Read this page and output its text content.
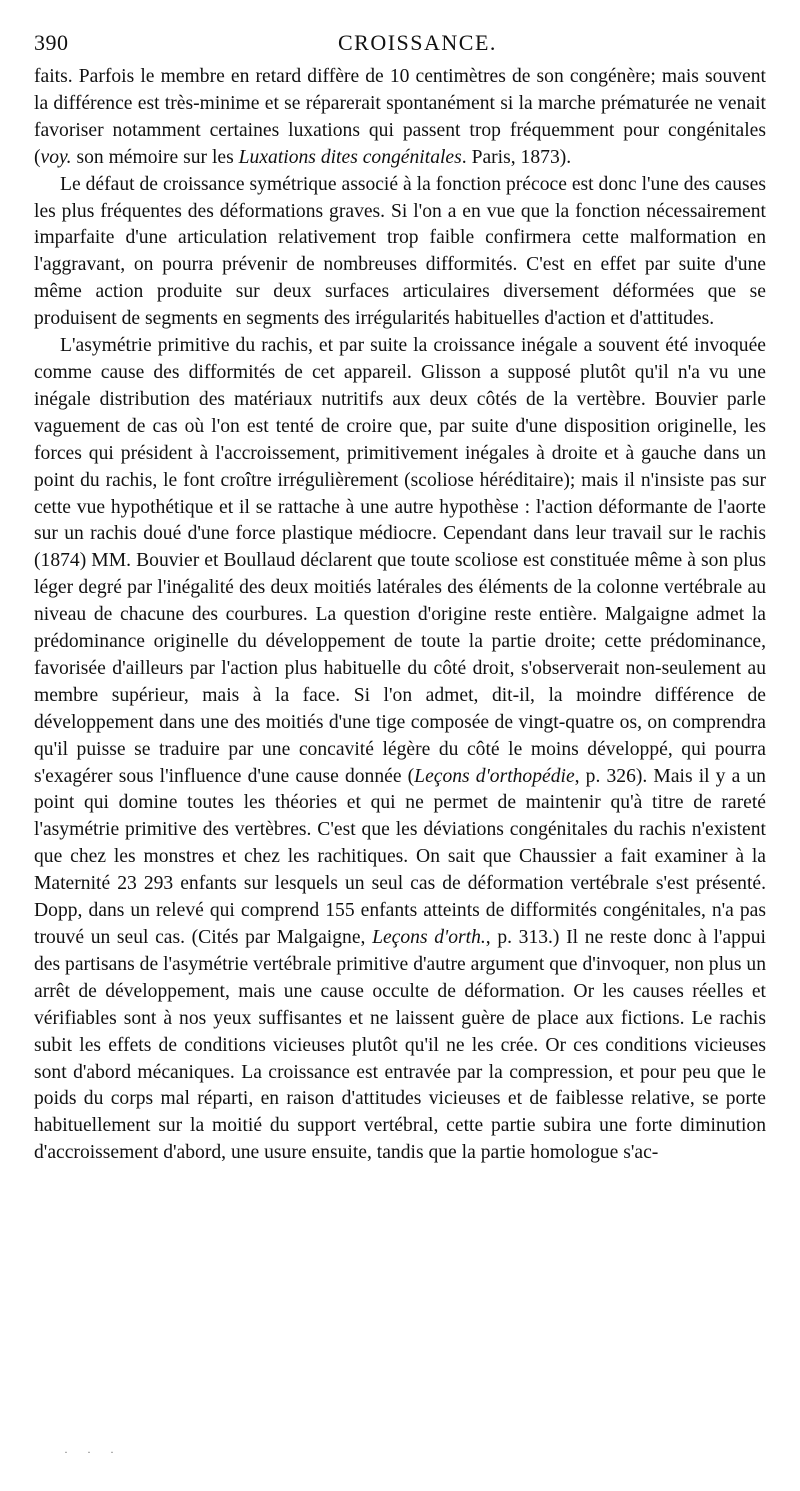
390	CROISSANCE.

faits. Parfois le membre en retard diffère de 10 centimètres de son congénère; mais souvent la différence est très-minime et se réparerait spontanément si la marche prématurée ne venait favoriser notamment certaines luxations qui passent trop fréquemment pour congénitales (voy. son mémoire sur les Luxations dites congénitales. Paris, 1873).

Le défaut de croissance symétrique associé à la fonction précoce est donc l'une des causes les plus fréquentes des déformations graves. Si l'on a en vue que la fonction nécessairement imparfaite d'une articulation relativement trop faible confirmera cette malformation en l'aggravant, on pourra prévenir de nombreuses difformités. C'est en effet par suite d'une même action produite sur deux surfaces articulaires diversement déformées que se produisent de segments en segments des irrégularités habituelles d'action et d'attitudes.

L'asymétrie primitive du rachis, et par suite la croissance inégale a souvent été invoquée comme cause des difformités de cet appareil. Glisson a supposé plutôt qu'il n'a vu une inégale distribution des matériaux nutritifs aux deux côtés de la vertèbre. Bouvier parle vaguement de cas où l'on est tenté de croire que, par suite d'une disposition originelle, les forces qui président à l'accroissement, primitivement inégales à droite et à gauche dans un point du rachis, le font croître irrégulièrement (scoliose héréditaire); mais il n'insiste pas sur cette vue hypothétique et il se rattache à une autre hypothèse : l'action déformante de l'aorte sur un rachis doué d'une force plastique médiocre. Cependant dans leur travail sur le rachis (1874) MM. Bouvier et Boullaud déclarent que toute scoliose est constituée même à son plus léger degré par l'inégalité des deux moitiés latérales des éléments de la colonne vertébrale au niveau de chacune des courbures. La question d'origine reste entière. Malgaigne admet la prédominance originelle du développement de toute la partie droite; cette prédominance, favorisée d'ailleurs par l'action plus habituelle du côté droit, s'observerait non-seulement au membre supérieur, mais à la face. Si l'on admet, dit-il, la moindre différence de développement dans une des moitiés d'une tige composée de vingt-quatre os, on comprendra qu'il puisse se traduire par une concavité légère du côté le moins développé, qui pourra s'exagérer sous l'influence d'une cause donnée (Leçons d'orthopédie, p. 326). Mais il y a un point qui domine toutes les théories et qui ne permet de maintenir qu'à titre de rareté l'asymétrie primitive des vertèbres. C'est que les déviations congénitales du rachis n'existent que chez les monstres et chez les rachitiques. On sait que Chaussier a fait examiner à la Maternité 23 293 enfants sur lesquels un seul cas de déformation vertébrale s'est présenté. Dopp, dans un relevé qui comprend 155 enfants atteints de difformités congénitales, n'a pas trouvé un seul cas. (Cités par Malgaigne, Leçons d'orth., p. 313.) Il ne reste donc à l'appui des partisans de l'asymétrie vertébrale primitive d'autre argument que d'invoquer, non plus un arrêt de développement, mais une cause occulte de déformation. Or les causes réelles et vérifiables sont à nos yeux suffisantes et ne laissent guère de place aux fictions. Le rachis subit les effets de conditions vicieuses plutôt qu'il ne les crée. Or ces conditions vicieuses sont d'abord mécaniques. La croissance est entravée par la compression, et pour peu que le poids du corps mal réparti, en raison d'attitudes vicieuses et de faiblesse relative, se porte habituellement sur la moitié du support vertébral, cette partie subira une forte diminution d'accroissement d'abord, une usure ensuite, tandis que la partie homologue s'ac-

· · ·
